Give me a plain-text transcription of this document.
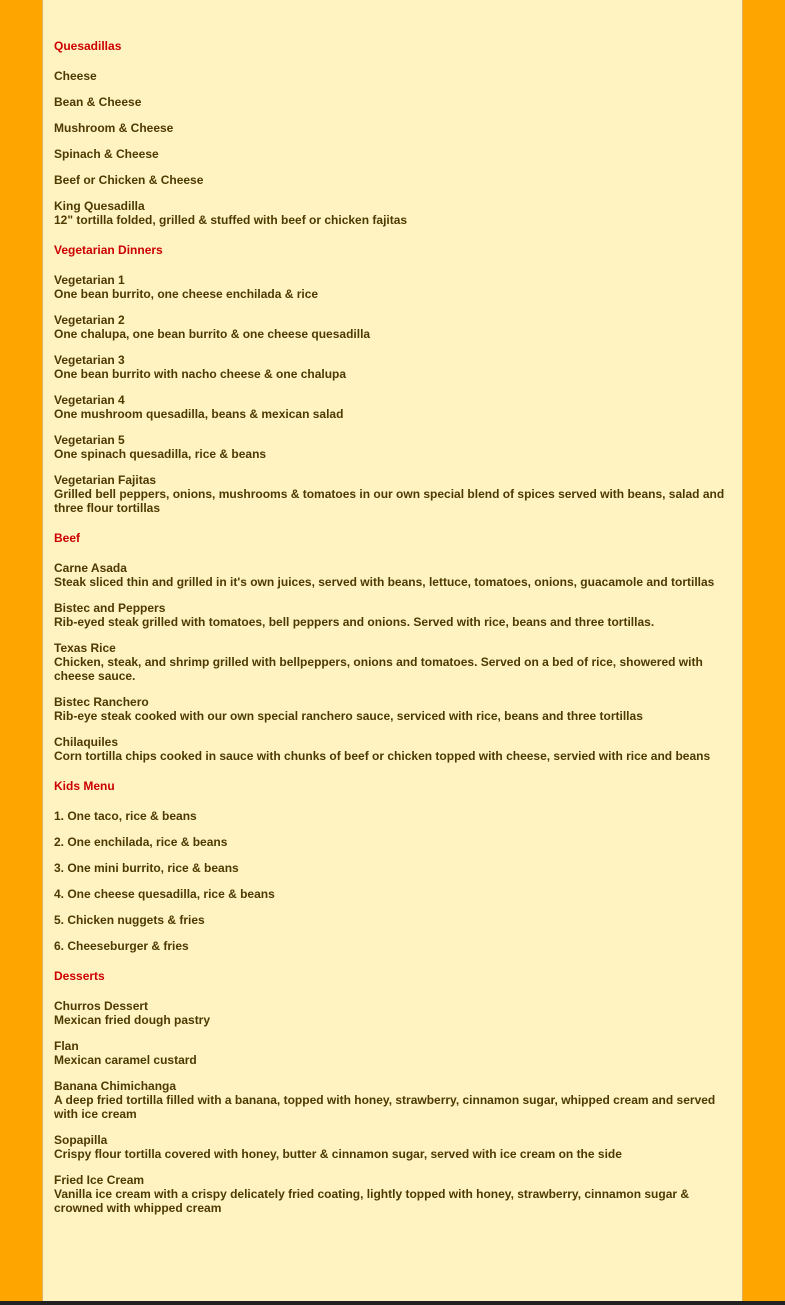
Quesadillas
Cheese
Bean & Cheese
Mushroom & Cheese
Spinach & Cheese
Beef or Chicken & Cheese
King Quesadilla
12" tortilla folded, grilled & stuffed with beef or chicken fajitas
Vegetarian Dinners
Vegetarian 1
One bean burrito, one cheese enchilada & rice
Vegetarian 2
One chalupa, one bean burrito & one cheese quesadilla
Vegetarian 3
One bean burrito with nacho cheese & one chalupa
Vegetarian 4
One mushroom quesadilla, beans & mexican salad
Vegetarian 5
One spinach quesadilla, rice & beans
Vegetarian Fajitas
Grilled bell peppers, onions, mushrooms & tomatoes in our own special blend of spices served with beans, salad and three flour tortillas
Beef
Carne Asada
Steak sliced thin and grilled in it's own juices, served with beans, lettuce, tomatoes, onions, guacamole and tortillas
Bistec and Peppers
Rib-eyed steak grilled with tomatoes, bell peppers and onions. Served with rice, beans and three tortillas.
Texas Rice
Chicken, steak, and shrimp grilled with bellpeppers, onions and tomatoes. Served on a bed of rice, showered with cheese sauce.
Bistec Ranchero
Rib-eye steak cooked with our own special ranchero sauce, serviced with rice, beans and three tortillas
Chilaquiles
Corn tortilla chips cooked in sauce with chunks of beef or chicken topped with cheese, servied with rice and beans
Kids Menu
1. One taco, rice & beans
2. One enchilada, rice & beans
3. One mini burrito, rice & beans
4. One cheese quesadilla, rice & beans
5. Chicken nuggets & fries
6. Cheeseburger & fries
Desserts
Churros Dessert
Mexican fried dough pastry
Flan
Mexican caramel custard
Banana Chimichanga
A deep fried tortilla filled with a banana, topped with honey, strawberry, cinnamon sugar, whipped cream and served with ice cream
Sopapilla
Crispy flour tortilla covered with honey, butter & cinnamon sugar, served with ice cream on the side
Fried Ice Cream
Vanilla ice cream with a crispy delicately fried coating, lightly topped with honey, strawberry, cinnamon sugar & crowned with whipped cream
